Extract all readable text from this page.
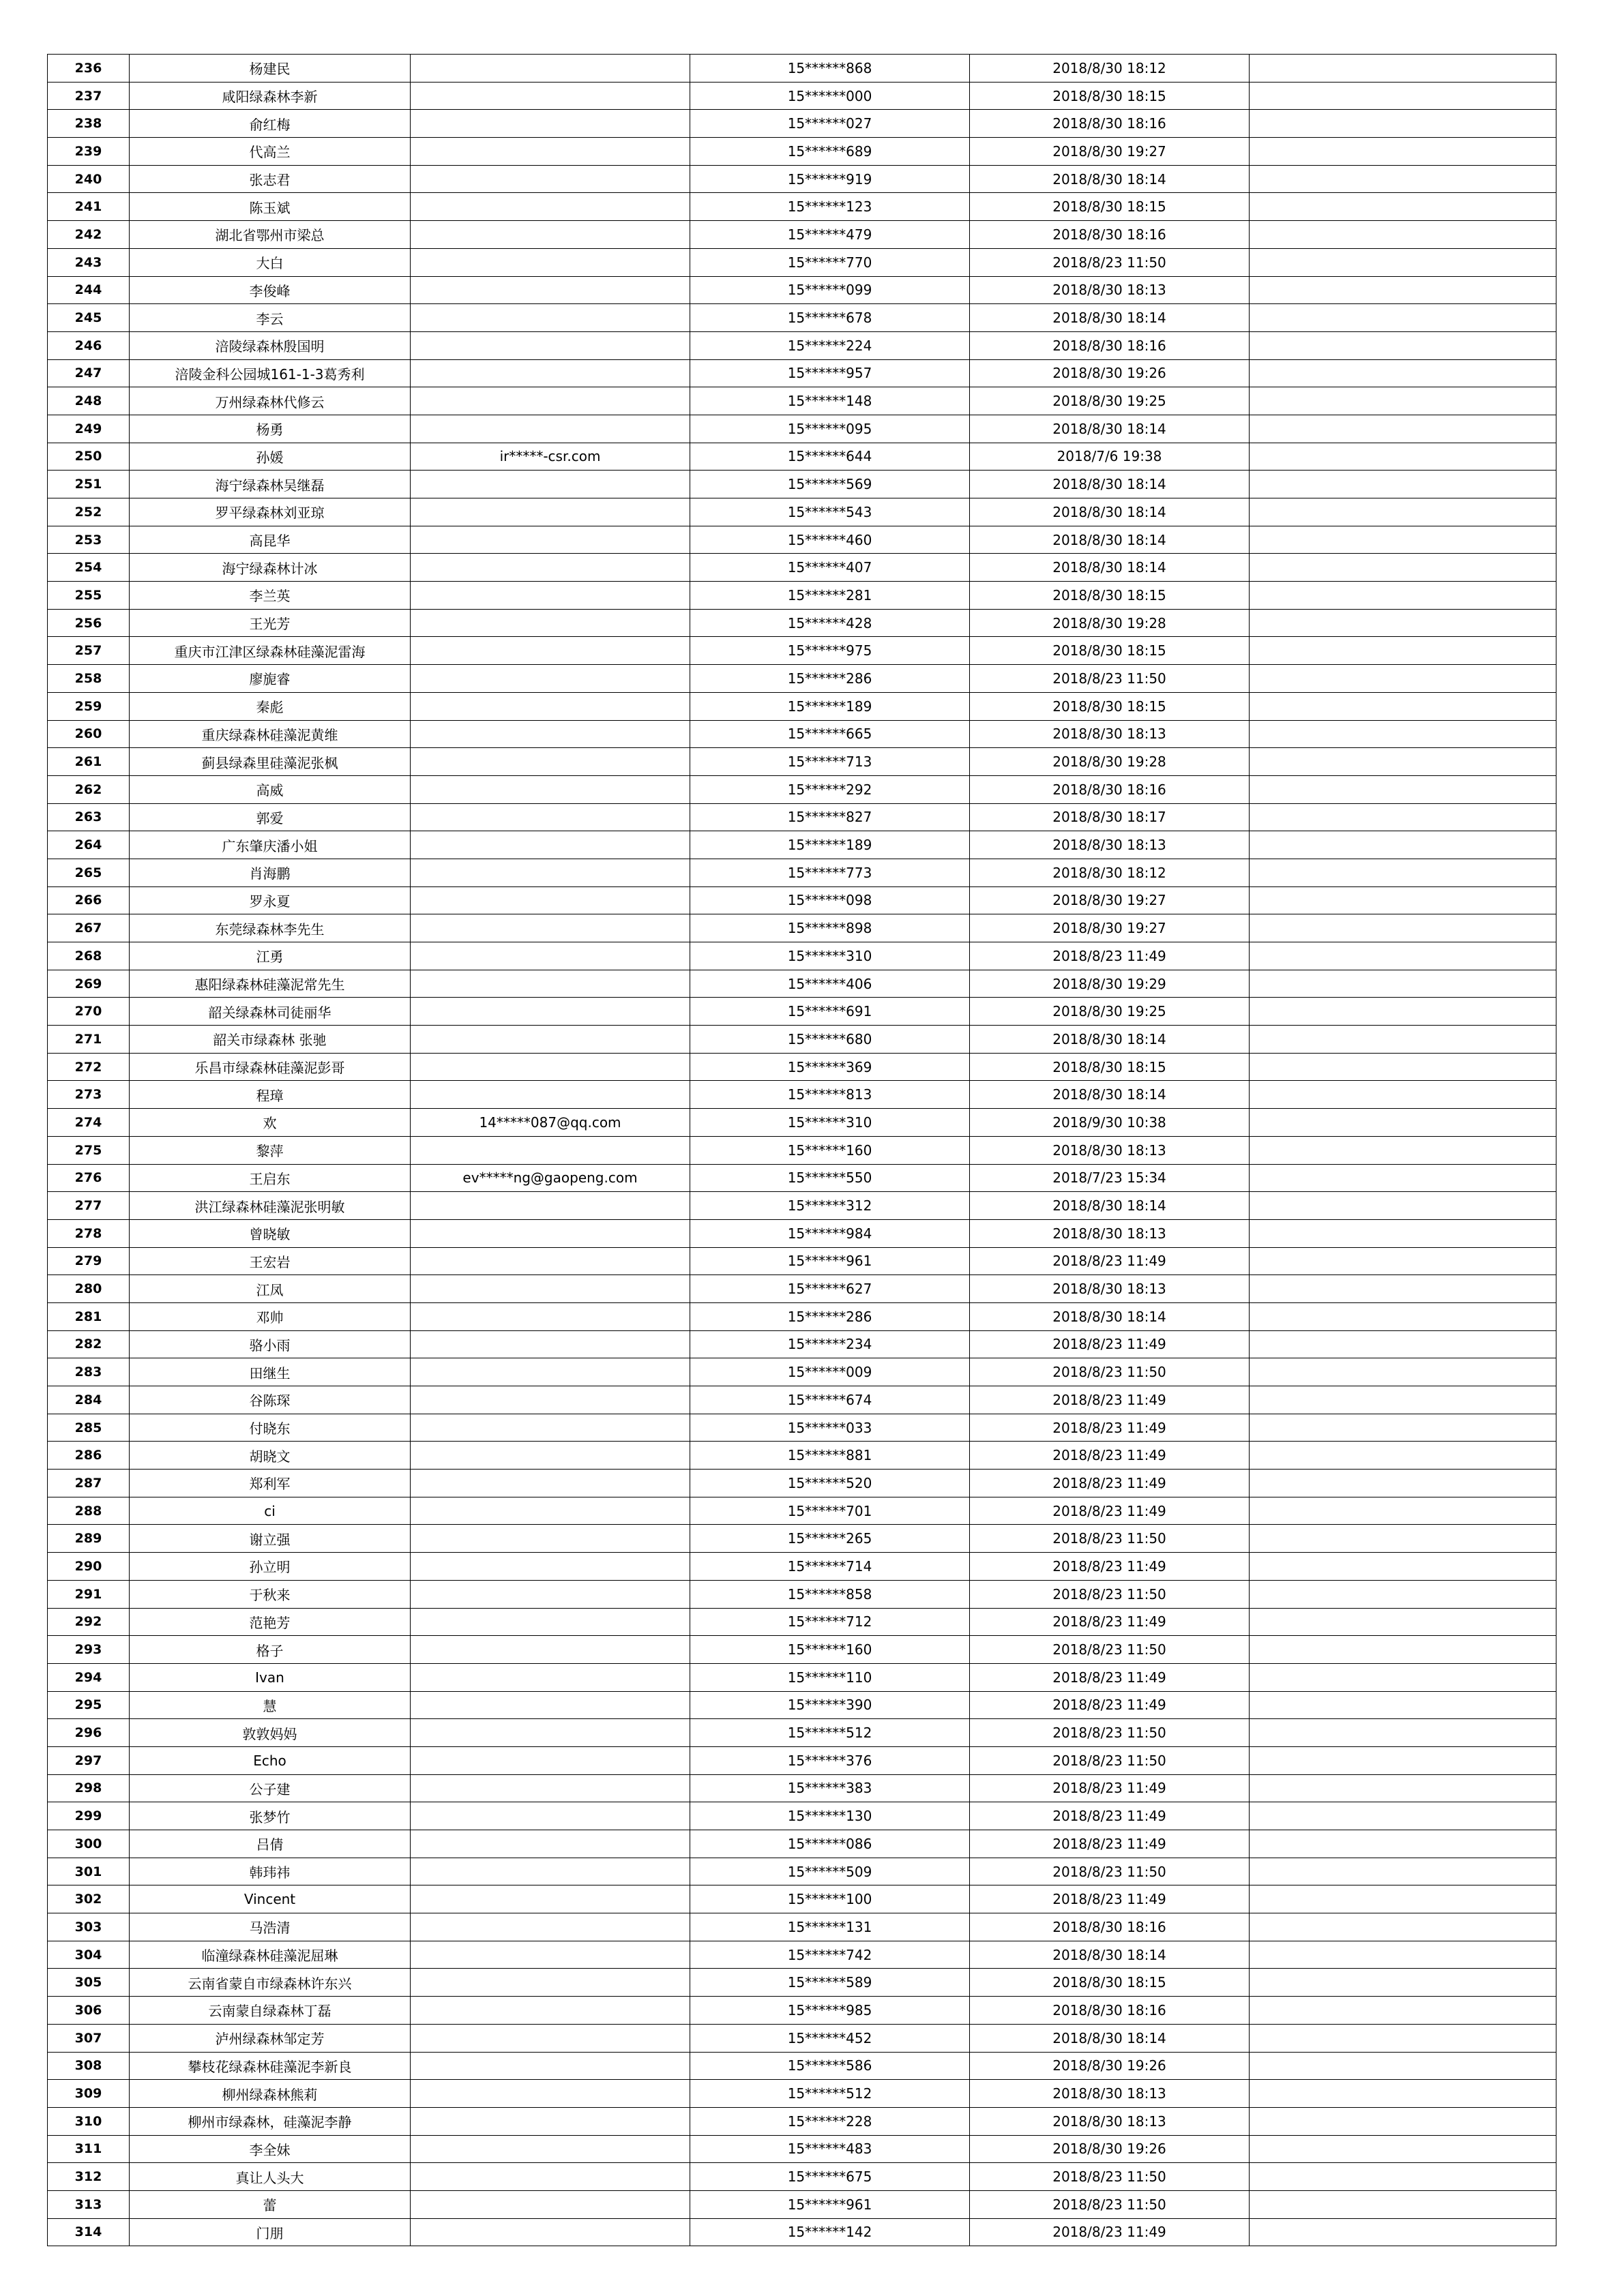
236	杨建民		15******868	2018/8/30 18:12	
237	咸阳绿森林李新		15******000	2018/8/30 18:15	
238	俞红梅		15******027	2018/8/30 18:16	
239	代高兰		15******689	2018/8/30 19:27	
240	张志君		15******919	2018/8/30 18:14	
241	陈玉斌		15******123	2018/8/30 18:15	
242	湖北省鄂州市梁总		15******479	2018/8/30 18:16	
243	大白		15******770	2018/8/23 11:50	
244	李俊峰		15******099	2018/8/30 18:13	
245	李云		15******678	2018/8/30 18:14	
246	涪陵绿森林殷国明		15******224	2018/8/30 18:16	
247	涪陵金科公园城161-1-3葛秀利		15******957	2018/8/30 19:26	
248	万州绿森林代修云		15******148	2018/8/30 19:25	
249	杨勇		15******095	2018/8/30 18:14	
250	孙媛	ir*****-csr.com	15******644	2018/7/6 19:38	
251	海宁绿森林吴继磊		15******569	2018/8/30 18:14	
252	罗平绿森林刘亚琼		15******543	2018/8/30 18:14	
253	高昆华		15******460	2018/8/30 18:14	
254	海宁绿森林计冰		15******407	2018/8/30 18:14	
255	李兰英		15******281	2018/8/30 18:15	
256	王光芳		15******428	2018/8/30 19:28	
257	重庆市江津区绿森林硅藻泥雷海		15******975	2018/8/30 18:15	
258	廖旎睿		15******286	2018/8/23 11:50	
259	秦彪		15******189	2018/8/30 18:15	
260	重庆绿森林硅藻泥黄维		15******665	2018/8/30 18:13	
261	蓟县绿森里硅藻泥张枫		15******713	2018/8/30 19:28	
262	高威		15******292	2018/8/30 18:16	
263	郭爱		15******827	2018/8/30 18:17	
264	广东肇庆潘小姐		15******189	2018/8/30 18:13	
265	肖海鹏		15******773	2018/8/30 18:12	
266	罗永夏		15******098	2018/8/30 19:27	
267	东莞绿森林李先生		15******898	2018/8/30 19:27	
268	江勇		15******310	2018/8/23 11:49	
269	惠阳绿森林硅藻泥常先生		15******406	2018/8/30 19:29	
270	韶关绿森林司徒丽华		15******691	2018/8/30 19:25	
271	韶关市绿森林 张驰		15******680	2018/8/30 18:14	
272	乐昌市绿森林硅藻泥彭哥		15******369	2018/8/30 18:15	
273	程璋		15******813	2018/8/30 18:14	
274	欢	14*****087@qq.com	15******310	2018/9/30 10:38	
275	黎萍		15******160	2018/8/30 18:13	
276	王启东	ev*****ng@gaopeng.com	15******550	2018/7/23 15:34	
277	洪江绿森林硅藻泥张明敏		15******312	2018/8/30 18:14	
278	曾晓敏		15******984	2018/8/30 18:13	
279	王宏岩		15******961	2018/8/23 11:49	
280	江凤		15******627	2018/8/30 18:13	
281	邓帅		15******286	2018/8/30 18:14	
282	骆小雨		15******234	2018/8/23 11:49	
283	田继生		15******009	2018/8/23 11:50	
284	谷陈琛		15******674	2018/8/23 11:49	
285	付晓东		15******033	2018/8/23 11:49	
286	胡晓文		15******881	2018/8/23 11:49	
287	郑利军		15******520	2018/8/23 11:49	
288	ci		15******701	2018/8/23 11:49	
289	谢立强		15******265	2018/8/23 11:50	
290	孙立明		15******714	2018/8/23 11:49	
291	于秋来		15******858	2018/8/23 11:50	
292	范艳芳		15******712	2018/8/23 11:49	
293	格子		15******160	2018/8/23 11:50	
294	Ivan		15******110	2018/8/23 11:49	
295	慧		15******390	2018/8/23 11:49	
296	敦敦妈妈		15******512	2018/8/23 11:50	
297	Echo		15******376	2018/8/23 11:50	
298	公子建		15******383	2018/8/23 11:49	
299	张梦竹		15******130	2018/8/23 11:49	
300	吕倩		15******086	2018/8/23 11:49	
301	韩玮祎		15******509	2018/8/23 11:50	
302	Vincent		15******100	2018/8/23 11:49	
303	马浩清		15******131	2018/8/30 18:16	
304	临潼绿森林硅藻泥屈琳		15******742	2018/8/30 18:14	
305	云南省蒙自市绿森林许东兴		15******589	2018/8/30 18:15	
306	云南蒙自绿森林丁磊		15******985	2018/8/30 18:16	
307	泸州绿森林邹定芳		15******452	2018/8/30 18:14	
308	攀枝花绿森林硅藻泥李新良		15******586	2018/8/30 19:26	
309	柳州绿森林熊莉		15******512	2018/8/30 18:13	
310	柳州市绿森林，硅藻泥李静		15******228	2018/8/30 18:13	
311	李全妹		15******483	2018/8/30 19:26	
312	真让人头大		15******675	2018/8/23 11:50	
313	蕾		15******961	2018/8/23 11:50	
314	门朋		15******142	2018/8/23 11:49	
